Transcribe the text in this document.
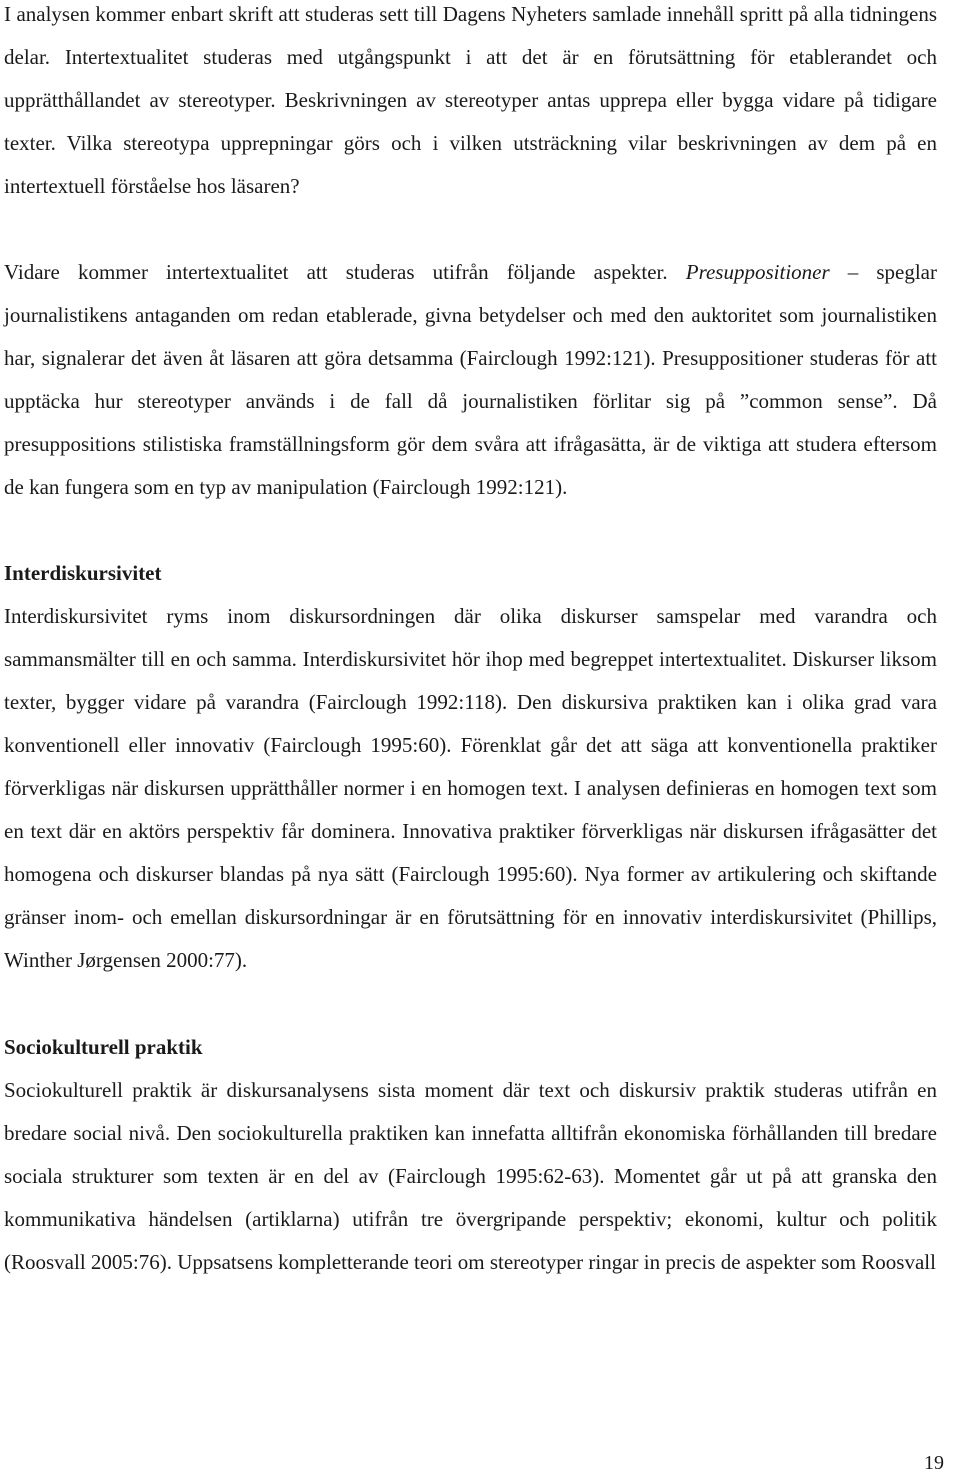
I analysen kommer enbart skrift att studeras sett till Dagens Nyheters samlade innehåll spritt på alla tidningens delar. Intertextualitet studeras med utgångspunkt i att det är en förutsättning för etablerandet och upprätthållandet av stereotyper. Beskrivningen av stereotyper antas upprepa eller bygga vidare på tidigare texter. Vilka stereotypa upprepningar görs och i vilken utsträckning vilar beskrivningen av dem på en intertextuell förståelse hos läsaren?

Vidare kommer intertextualitet att studeras utifrån följande aspekter. Presuppositioner – speglar journalistikens antaganden om redan etablerade, givna betydelser och med den auktoritet som journalistiken har, signalerar det även åt läsaren att göra detsamma (Fairclough 1992:121). Presuppositioner studeras för att upptäcka hur stereotyper används i de fall då journalistiken förlitar sig på ”common sense”. Då presuppositions stilistiska framställningsform gör dem svåra att ifrågasätta, är de viktiga att studera eftersom de kan fungera som en typ av manipulation (Fairclough 1992:121).

Interdiskursivitet

Interdiskursivitet ryms inom diskursordningen där olika diskurser samspelar med varandra och sammansmälter till en och samma. Interdiskursivitet hör ihop med begreppet intertextualitet. Diskurser liksom texter, bygger vidare på varandra (Fairclough 1992:118). Den diskursiva praktiken kan i olika grad vara konventionell eller innovativ (Fairclough 1995:60). Förenklat går det att säga att konventionella praktiker förverkligas när diskursen upprätthåller normer i en homogen text. I analysen definieras en homogen text som en text där en aktörs perspektiv får dominera. Innovativa praktiker förverkligas när diskursen ifrågasätter det homogena och diskurser blandas på nya sätt (Fairclough 1995:60). Nya former av artikulering och skiftande gränser inom- och emellan diskursordningar är en förutsättning för en innovativ interdiskursivitet (Phillips, Winther Jørgensen 2000:77).

Sociokulturell praktik

Sociokulturell praktik är diskursanalysens sista moment där text och diskursiv praktik studeras utifrån en bredare social nivå. Den sociokulturella praktiken kan innefatta alltifrån ekonomiska förhållanden till bredare sociala strukturer som texten är en del av (Fairclough 1995:62-63). Momentet går ut på att granska den kommunikativa händelsen (artiklarna) utifrån tre övergripande perspektiv; ekonomi, kultur och politik (Roosvall 2005:76). Uppsatsens kompletterande teori om stereotyper ringar in precis de aspekter som Roosvall

19
